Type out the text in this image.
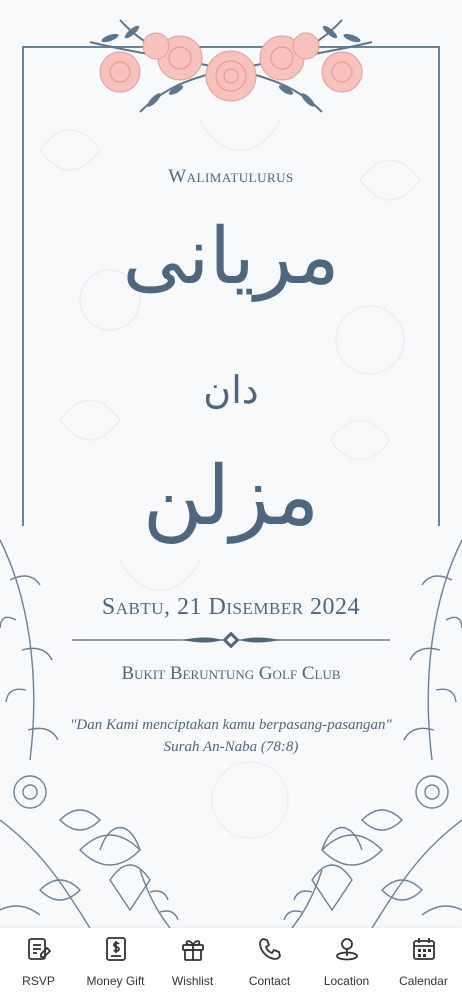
Walimatulurus
مريانى
دان
مزلن
Sabtu, 21 Disember 2024
Bukit Beruntung Golf Club
"Dan Kami menciptakan kamu berpasang-pasangan"
Surah An-Naba (78:8)
RSVP	Money Gift Wishlist	Contact	Location Calendar
